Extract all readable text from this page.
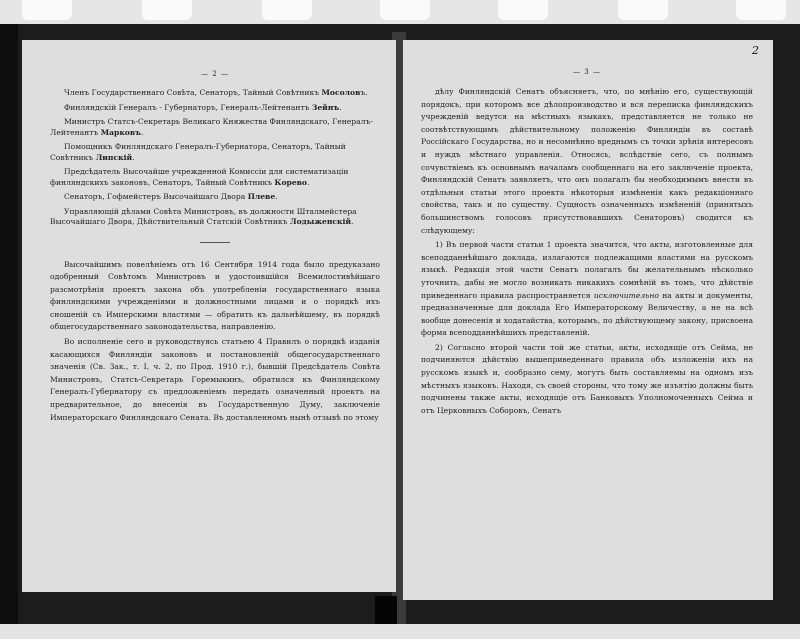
— 2 —

Членъ Государственнаго Совѣта, Сенаторъ, Тайный Совѣтникъ Мосоловъ.

Финляндскій Генералъ - Губернаторъ, Генералъ-Лейтенантъ Зейнъ.

Министръ Статсъ-Секретарь Великаго Княжества Финляндскаго, Генералъ-Лейтенантъ Марковъ.

Помощникъ Финляндскаго Генералъ-Губернатора, Сенаторъ, Тайный Совѣтникъ Липскій.

Предсѣдатель Высочайше учрежденной Комиссіи для систематизаціи финляндскихъ законовъ, Сенаторъ, Тайный Совѣтникъ Корево.

Сенаторъ, Гофмейстеръ Высочайшаго Двора Плеве.

Управляющій дѣлами Совѣта Министровъ, въ должности Шталмейстера Высочайшаго Двора, Дѣйствительный Статскій Совѣтникъ Лодыженскій.

Высочайшимъ повелѣніемъ отъ 16 Сентября 1914 года было предуказано одобренный Совѣтомъ Министровъ и удостоившійся Всемилостивѣйшаго разсмотрѣнія проектъ закона объ употребленіи государственнаго языка финляндскими учрежденіями и должностными лицами и о порядкѣ ихъ сношеній съ Имперскими властями — обратить къ дальнѣйшему, въ порядкѣ общегосударственнаго законодательства, направленію.

Во исполненіе сего и руководствуясь статьею 4 Правилъ о порядкѣ изданія касающихся Финляндіи законовъ и постановленій общегосударственнаго значенія (Св. Зак., т. I, ч. 2, по Прод. 1910 г.), бывшій Предсѣдатель Совѣта Министровъ, Статсъ-Секретарь Горемыкинъ, обратился къ Финляндскому Генералъ-Губернатору съ предложеніемъ передать означенный проектъ на предварительное, до внесенія въ Государственную Думу, заключеніе Императорскаго Финляндскаго Сената. Въ доставленномъ нынѣ отзывѣ по этому

2
— 3 —

дѣлу Финляндскій Сенатъ объясняетъ, что, по мнѣнію его, существующій порядокъ, при которомъ все дѣлопроизводство и вся переписка финляндскихъ учрежденій ведутся на мѣстныхъ языкахъ, представляется не только не соотвѣтствующимъ дѣйствительному положенію Финляндіи въ составѣ Россійскаго Государства, но и несомнѣнно вреднымъ съ точки зрѣнія интересовъ и нуждъ мѣстнаго управленія. Относясь, вслѣдствіе сего, съ полнымъ сочувствіемъ къ основнымъ началамъ сообщеннаго на его заключеніе проекта, Финляндскій Сенатъ заявляетъ, что онъ полагалъ бы необходимымъ внести въ отдѣльныя статьи этого проекта нѣкоторыя измѣненія какъ редакціоннаго свойства, такъ и по существу. Сущность означенныхъ измѣненій (принятыхъ большинствомъ голосовъ присутствовавшихъ Сенаторовъ) сводится къ слѣдующему:

1) Въ первой части статьи 1 проекта значится, что акты, изготовленные для всеподданнѣйшаго доклада, излагаются подлежащими властями на русскомъ языкѣ. Редакція этой части Сенатъ полагалъ бы желательнымъ нѣсколько уточнить, дабы не могло возникать никакихъ сомнѣній въ томъ, что дѣйствіе приведеннаго правила распространяется исключительно на акты и документы, предназначенные для доклада Его Императорскому Величеству, а не на всѣ вообще донесенія и ходатайства, которымъ, по дѣйствующему закону, присвоена форма всеподданнѣйшихъ представленій.

2) Согласно второй части той же статьи, акты, исходящіе отъ Сейма, не подчиняются дѣйствію вышеприведеннаго правила объ изложеніи ихъ на русскомъ языкѣ и, сообразно сему, могутъ быть составляемы на одномъ изъ мѣстныхъ языковъ. Находя, съ своей стороны, что тому же изъятію должны быть подчинены также акты, исходящіе отъ Банковыхъ Уполномоченныхъ Сейма и отъ Церковныхъ Соборовъ, Сенатъ
